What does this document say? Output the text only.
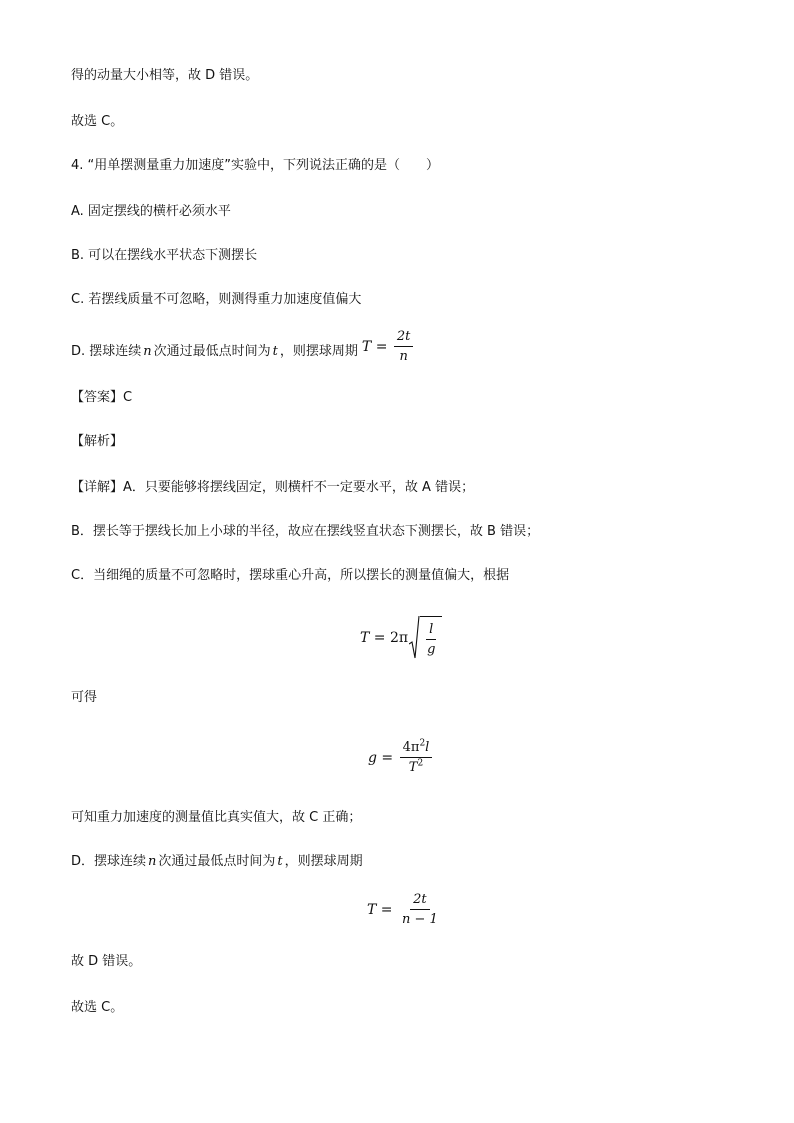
得的动量大小相等，故 D 错误。
故选 C。
4. “用单摆测量重力加速度”实验中，下列说法正确的是（　　）
A. 固定摆线的横杆必须水平
B. 可以在摆线水平状态下测摆长
C. 若摆线质量不可忽略，则测得重力加速度值偏大
D. 摆球连续 n 次通过最低点时间为 t ，则摆球周期 $T = \frac{2t}{n}$
【答案】C
【解析】
【详解】A．只要能够将摆线固定，则横杆不一定要水平，故 A 错误；
B．摆长等于摆线长加上小球的半径，故应在摆线竖直状态下测摆长，故 B 错误；
C．当细绳的质量不可忽略时，摆球重心升高，所以摆长的测量值偏大，根据
$T = 2\pi \frac{l}{g}$
可得
$g = \frac{4\pi^2l}{T^2}$
可知重力加速度的测量值比真实值大，故 C 正确；
D．摆球连续 n 次通过最低点时间为 t ，则摆球周期
$T = \frac{2t}{n - 1}$
故 D 错误。
故选 C。
